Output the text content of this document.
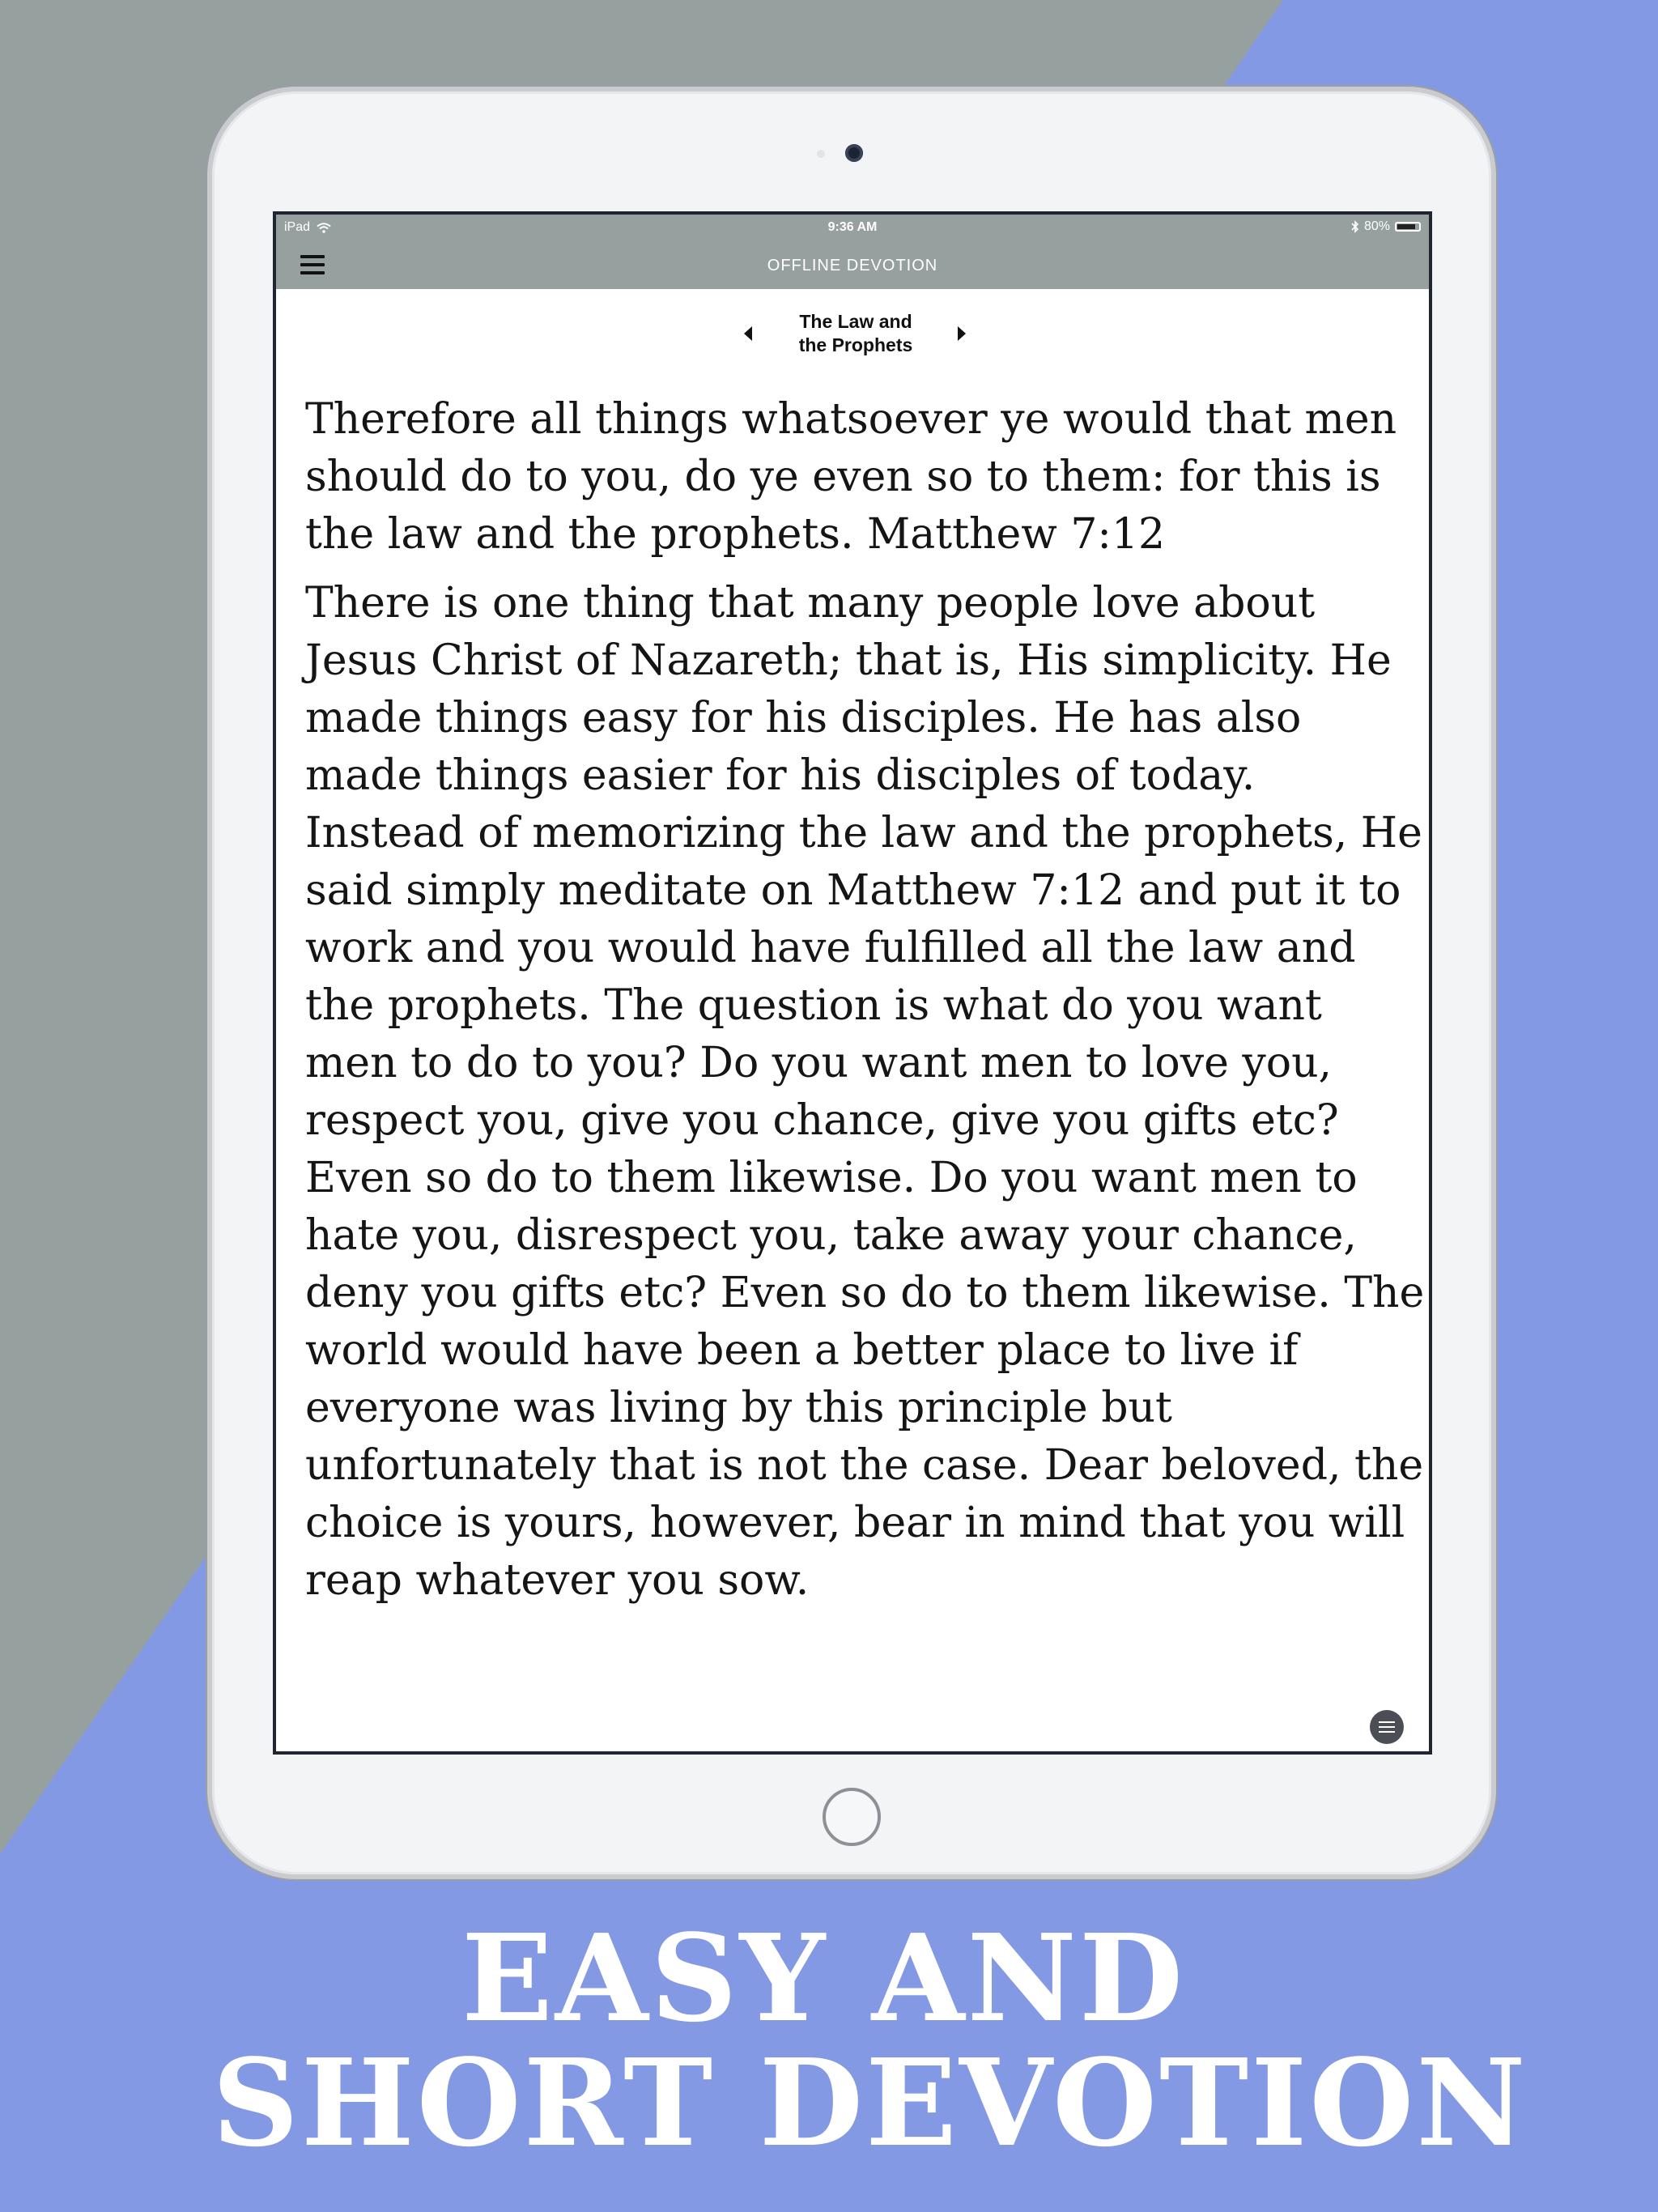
iPad	9:36 AM	80%
OFFLINE DEVOTION
The Law and
the Prophets

Therefore all things whatsoever ye would that men should do to you, do ye even so to them: for this is the law and the prophets. Matthew 7:12

There is one thing that many people love about Jesus Christ of Nazareth; that is, His simplicity. He made things easy for his disciples. He has also made things easier for his disciples of today. Instead of memorizing the law and the prophets, He said simply meditate on Matthew 7:12 and put it to work and you would have fulfilled all the law and the prophets. The question is what do you want men to do to you? Do you want men to love you, respect you, give you chance, give you gifts etc? Even so do to them likewise. Do you want men to hate you, disrespect you, take away your chance, deny you gifts etc? Even so do to them likewise. The world would have been a better place to live if everyone was living by this principle but unfortunately that is not the case. Dear beloved, the choice is yours, however, bear in mind that you will reap whatever you sow.

EASY AND
SHORT DEVOTION
